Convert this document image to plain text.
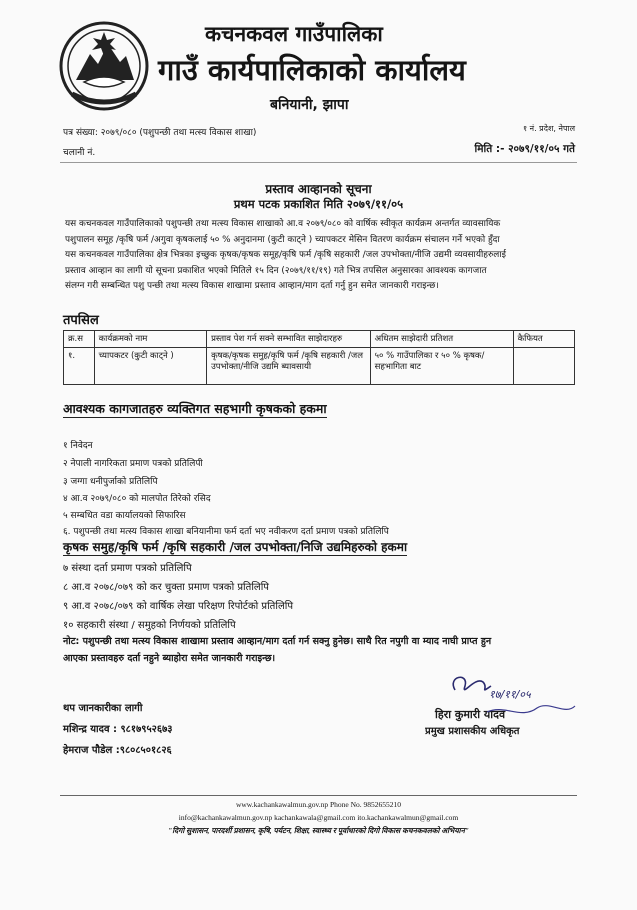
कचनकवल गाउँपालिका
गाउँ कार्यपालिकाको कार्यालय
बनियानी, झापा
पत्र संख्या: २०७९/०८० (पशुपन्छी तथा मत्स्य विकास शाखा)	१ नं. प्रदेश, नेपाल
चलानी नं.	मिति :- २०७९/११/०५ गते
प्रस्ताव आव्हानको सूचना
प्रथम पटक प्रकाशित मिति २०७९/११/०५
यस कचनकवल गाउँपालिकाको पशुपन्छी तथा मत्स्य विकास शाखाको आ.व २०७९/०८० को वार्षिक स्वीकृत कार्यक्रम अन्तर्गत व्यावसायिक
पशुपालन समूह /कृषि फर्म /अगुवा कृषकलाई ५० % अनुदानमा (कुटी काट्ने ) च्यापकटर मेसिन वितरण कार्यक्रम संचालन गर्ने भएको हुँदा
यस कचनकवल गाउँपालिका क्षेत्र भित्रका इच्छुक कृषक/कृषक समूह/कृषि फर्म /कृषि सहकारी /जल उपभोक्ता/नीजि उद्यमी व्यवसायीहरुलाई
प्रस्ताव आव्हान का लागी यो सूचना प्रकाशित भएको मितिले १५ दिन (२०७९/११/१९) गते भित्र तपसिल अनुसारका आवश्यक कागजात
संलग्न गरी सम्बन्धित पशु पन्छी तथा मत्स्य विकास शाखामा प्रस्ताव आव्हान/माग दर्ता गर्नु हुन समेत जानकारी गराइन्छ।
तपसिल
क्र.स	कार्यक्रमको नाम	प्रस्ताव पेश गर्न सक्ने सम्भावित साझेदारहरु	अधितम साझेदारी प्रतिशत	कैफियत
१.	च्यापकटर (कुटी काट्ने )	कृषक/कृषक समुह/कृषि फर्म /कृषि सहकारी /जल उपभोक्ता/नीजि उद्यमि ब्यावसायी	५० % गाउँपालिका र ५० % कृषक/ सहभागिता बाट	
आवश्यक कागजातहरु व्यक्तिगत सहभागी कृषकको हकमा
१ निवेदन
२ नेपाली नागरिकता प्रमाण पत्रको प्रतिलिपी
३ जग्गा धनीपुर्जाको प्रतिलिपि
४ आ.व २०७९/०८० को मालपोत तिरेको रसिद
५ सम्बधित वडा कार्यालयको सिफारिस
६. पशुपन्छी तथा मत्स्य विकास शाखा बनियानीमा फर्म दर्ता भए नवीकरण दर्ता प्रमाण पत्रको प्रतिलिपि
कृषक समुह/कृषि फर्म /कृषि सहकारी /जल उपभोक्ता/निजि उद्यमिहरुको हकमा
७ संस्था दर्ता प्रमाण पत्रको प्रतिलिपि
८ आ.व २०७८/०७९ को कर चुक्ता प्रमाण पत्रको प्रतिलिपि
९ आ.व २०७८/०७९ को वार्षिक लेखा परिक्षण रिपोर्टको प्रतिलिपि
१० सहकारी संस्था / समुहको निर्णयको प्रतिलिपि
नोट: पशुपन्छी तथा मत्स्य विकास शाखामा प्रस्ताव आव्हान/माग दर्ता गर्न सक्नु हुनेछ। साथै रित नपुगी वा म्याद नाघी प्राप्त हुन
आएका प्रस्तावहरु दर्ता नहुने ब्याहोरा समेत जानकारी गराइन्छ।
थप जानकारीका लागी
मशिन्द्र यादव : ९८१७९५२६७३
हेमराज पौडेल :९८०८५०१८२६
१७/११/०५
हिरा कुमारी यादव
प्रमुख प्रशासकीय अधिकृत
www.kachankawalmun.gov.np Phone No. 9852655210
info@kachankawalmun.gov.np kachankawala@gmail.com ito.kachankawalmun@gmail.com
"दिगो सुशासन, पारदर्शी प्रशासन, कृषि, पर्यटन, शिक्षा, स्वास्थ्य र पूर्वाधारको दिगो विकास कचनकवलको अभियान"
